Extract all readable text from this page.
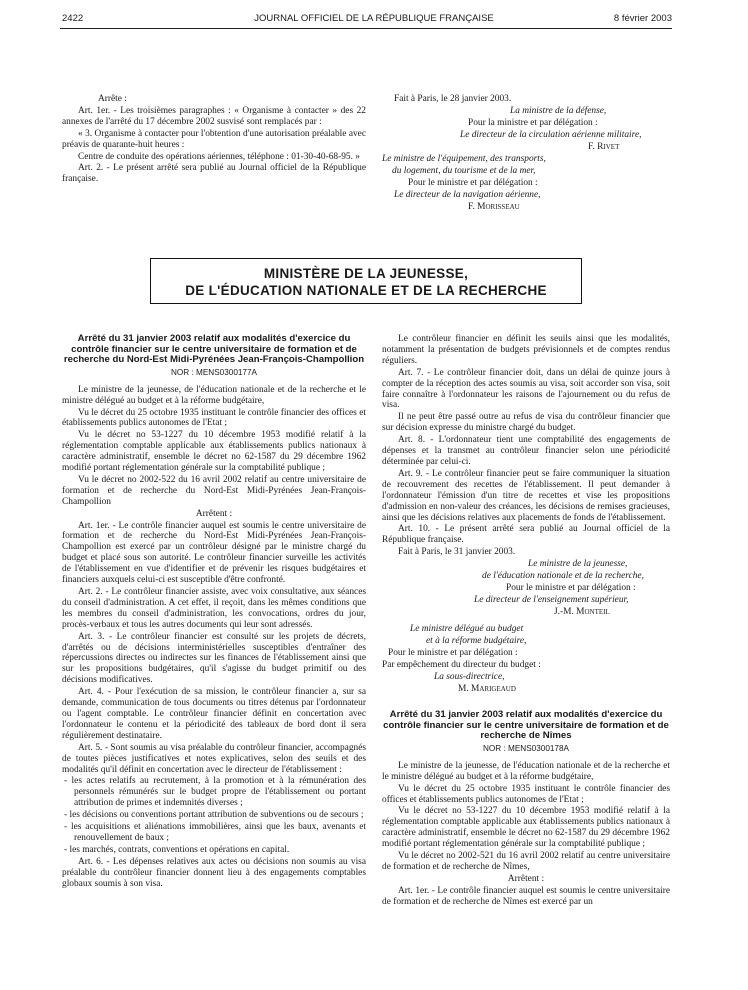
2422	JOURNAL OFFICIEL DE LA RÉPUBLIQUE FRANÇAISE	8 février 2003

Arrête :

Art. 1er. - Les troisièmes paragraphes : « Organisme à contacter » des 22 annexes de l'arrêté du 17 décembre 2002 susvisé sont remplacés par :

« 3. Organisme à contacter pour l'obtention d'une autorisation préalable avec préavis de quarante-huit heures :

Centre de conduite des opérations aériennes, téléphone : 01-30-40-68-95. »

Art. 2. - Le présent arrêté sera publié au Journal officiel de la République française.

Fait à Paris, le 28 janvier 2003.

La ministre de la défense,

Pour la ministre et par délégation :

Le directeur de la circulation aérienne militaire,

F. Rivet

Le ministre de l'équipement, des transports,

du logement, du tourisme et de la mer,

Pour le ministre et par délégation :

Le directeur de la navigation aérienne,

F. Morisseau

MINISTÈRE DE LA JEUNESSE,
DE L'ÉDUCATION NATIONALE ET DE LA RECHERCHE
Arrêté du 31 janvier 2003 relatif aux modalités d'exercice du contrôle financier sur le centre universitaire de formation et de recherche du Nord-Est Midi-Pyrénées Jean-François-Champollion
NOR : MENS0300177A

Le ministre de la jeunesse, de l'éducation nationale et de la recherche et le ministre délégué au budget et à la réforme budgétaire,

Vu le décret du 25 octobre 1935 instituant le contrôle financier des offices et établissements publics autonomes de l'Etat ;

Vu le décret no 53-1227 du 10 décembre 1953 modifié relatif à la réglementation comptable applicable aux établissements publics nationaux à caractère administratif, ensemble le décret no 62-1587 du 29 décembre 1962 modifié portant réglementation générale sur la comptabilité publique ;

Vu le décret no 2002-522 du 16 avril 2002 relatif au centre universitaire de formation et de recherche du Nord-Est Midi-Pyrénées Jean-François-Champollion

Arrêtent :

Art. 1er. - Le contrôle financier auquel est soumis le centre universitaire de formation et de recherche du Nord-Est Midi-Pyrénées Jean-François-Champollion est exercé par un contrôleur désigné par le ministre chargé du budget et placé sous son autorité. Le contrôleur financier surveille les activités de l'établissement en vue d'identifier et de prévenir les risques budgétaires et financiers auxquels celui-ci est susceptible d'être confronté.

Art. 2. - Le contrôleur financier assiste, avec voix consultative, aux séances du conseil d'administration. A cet effet, il reçoit, dans les mêmes conditions que les membres du conseil d'administration, les convocations, ordres du jour, procès-verbaux et tous les autres documents qui leur sont adressés.

Art. 3. - Le contrôleur financier est consulté sur les projets de décrets, d'arrêtés ou de décisions interministérielles susceptibles d'entraîner des répercussions directes ou indirectes sur les finances de l'établissement ainsi que sur les propositions budgétaires, qu'il s'agisse du budget primitif ou des décisions modificatives.

Art. 4. - Pour l'exécution de sa mission, le contrôleur financier a, sur sa demande, communication de tous documents ou titres détenus par l'ordonnateur ou l'agent comptable. Le contrôleur financier définit en concertation avec l'ordonnateur le contenu et la périodicité des tableaux de bord dont il sera régulièrement destinataire.

Art. 5. - Sont soumis au visa préalable du contrôleur financier, accompagnés de toutes pièces justificatives et notes explicatives, selon des seuils et des modalités qu'il définit en concertation avec le directeur de l'établissement :

- les actes relatifs au recrutement, à la promotion et à la rémunération des personnels rémunérés sur le budget propre de l'établissement ou portant attribution de primes et indemnités diverses ;

- les décisions ou conventions portant attribution de subventions ou de secours ;

- les acquisitions et aliénations immobilières, ainsi que les baux, avenants et renouvellement de baux ;

- les marchés, contrats, conventions et opérations en capital.

Art. 6. - Les dépenses relatives aux actes ou décisions non soumis au visa préalable du contrôleur financier donnent lieu à des engagements comptables globaux soumis à son visa.

Le contrôleur financier en définit les seuils ainsi que les modalités, notamment la présentation de budgets prévisionnels et de comptes rendus réguliers.

Art. 7. - Le contrôleur financier doit, dans un délai de quinze jours à compter de la réception des actes soumis au visa, soit accorder son visa, soit faire connaître à l'ordonnateur les raisons de l'ajournement ou du refus de visa.

Il ne peut être passé outre au refus de visa du contrôleur financier que sur décision expresse du ministre chargé du budget.

Art. 8. - L'ordonnateur tient une comptabilité des engagements de dépenses et la transmet au contrôleur financier selon une périodicité déterminée par celui-ci.

Art. 9. - Le contrôleur financier peut se faire communiquer la situation de recouvrement des recettes de l'établissement. Il peut demander à l'ordonnateur l'émission d'un titre de recettes et vise les propositions d'admission en non-valeur des créances, les décisions de remises gracieuses, ainsi que les décisions relatives aux placements de fonds de l'établissement.

Art. 10. - Le présent arrêté sera publié au Journal officiel de la République française.

Fait à Paris, le 31 janvier 2003.

Le ministre de la jeunesse,

de l'éducation nationale et de la recherche,

Pour le ministre et par délégation :

Le directeur de l'enseignement supérieur,

J.-M. Monteil

Le ministre délégué au budget

et à la réforme budgétaire,

Pour le ministre et par délégation :

Par empêchement du directeur du budget :

La sous-directrice,

M. Marigeaud

Arrêté du 31 janvier 2003 relatif aux modalités d'exercice du contrôle financier sur le centre universitaire de formation et de recherche de Nîmes
NOR : MENS0300178A

Le ministre de la jeunesse, de l'éducation nationale et de la recherche et le ministre délégué au budget et à la réforme budgétaire,

Vu le décret du 25 octobre 1935 instituant le contrôle financier des offices et établissements publics autonomes de l'Etat ;

Vu le décret no 53-1227 du 10 décembre 1953 modifié relatif à la réglementation comptable applicable aux établissements publics nationaux à caractère administratif, ensemble le décret no 62-1587 du 29 décembre 1962 modifié portant réglementation générale sur la comptabilité publique ;

Vu le décret no 2002-521 du 16 avril 2002 relatif au centre universitaire de formation et de recherche de Nîmes,

Arrêtent :

Art. 1er. - Le contrôle financier auquel est soumis le centre universitaire de formation et de recherche de Nîmes est exercé par un
